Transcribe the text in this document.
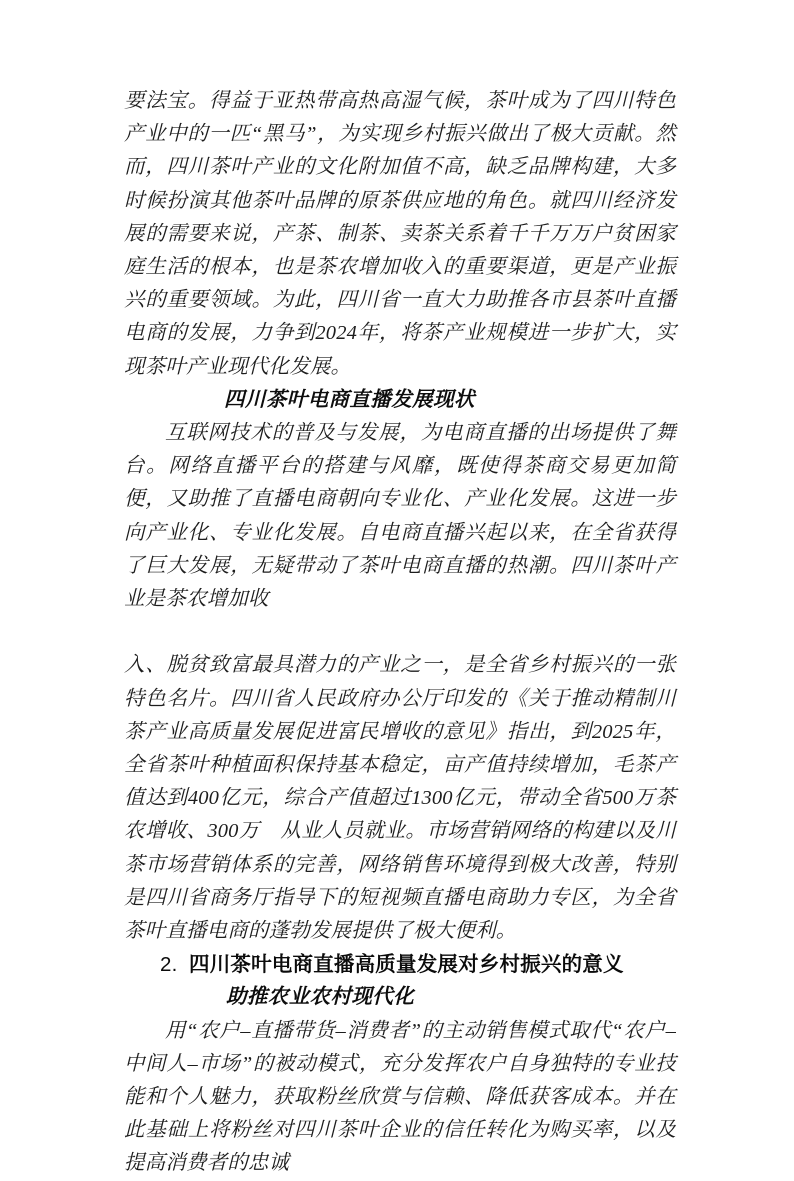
要法宝。得益于亚热带高热高湿气候，茶叶成为了四川特色产业中的一匹“黑马”，为实现乡村振兴做出了极大贡献。然而，四川茶叶产业的文化附加值不高，缺乏品牌构建，大多时候扮演其他茶叶品牌的原茶供应地的角色。就四川经济发展的需要来说，产茶、制茶、卖茶关系着千千万万户贫困家庭生活的根本，也是茶农增加收入的重要渠道，更是产业振兴的重要领域。为此，四川省一直大力助推各市县茶叶直播电商的发展，力争到2024年，将茶产业规模进一步扩大，实现茶叶产业现代化发展。

四川茶叶电商直播发展现状

互联网技术的普及与发展，为电商直播的出场提供了舞台。网络直播平台的搭建与风靡，既使得茶商交易更加简便，又助推了直播电商朝向专业化、产业化发展。这进一步向产业化、专业化发展。自电商直播兴起以来，在全省获得了巨大发展，无疑带动了茶叶电商直播的热潮。四川茶叶产业是茶农增加收

入、脱贫致富最具潜力的产业之一，是全省乡村振兴的一张特色名片。四川省人民政府办公厅印发的《关于推动精制川茶产业高质量发展促进富民增收的意见》指出，到2025年，全省茶叶种植面积保持基本稳定，亩产值持续增加，毛茶产值达到400亿元，综合产值超过1300亿元，带动全省500万茶农增收、300万　从业人员就业。市场营销网络的构建以及川茶市场营销体系的完善，网络销售环境得到极大改善，特别是四川省商务厅指导下的短视频直播电商助力专区，为全省茶叶直播电商的蓬勃发展提供了极大便利。

2. 四川茶叶电商直播高质量发展对乡村振兴的意义
助推农业农村现代化

用“农户–直播带货–消费者”的主动销售模式取代“农户–中间人–市场”的被动模式，充分发挥农户自身独特的专业技能和个人魅力，获取粉丝欣赏与信赖、降低获客成本。并在此基础上将粉丝对四川茶叶企业的信任转化为购买率，以及提高消费者的忠诚
